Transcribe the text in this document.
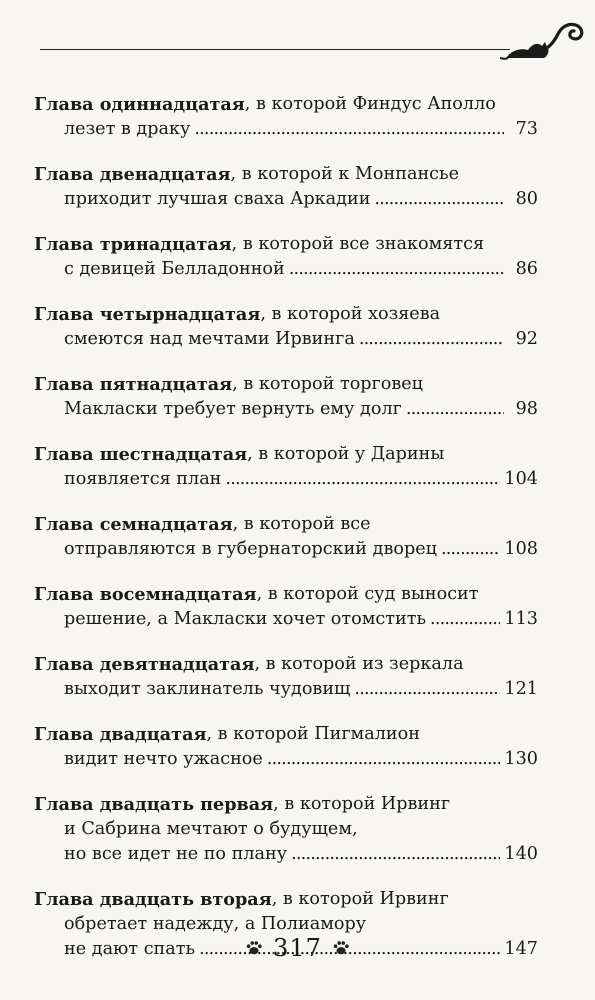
Глава одиннадцатая , в которой Финдус Аполло
лезет в драку . . .	73
Глава двенадцатая , в которой к Монпансье
приходит лучшая сваха Аркадии . . .	80
Глава тринадцатая , в которой все знакомятся
с девицей Белладонной . . .	86
Глава четырнадцатая , в которой хозяева
смеются над мечтами Ирвинга . . .	92
Глава пятнадцатая , в которой торговец
Макласки требует вернуть ему долг . . .	98
Глава шестнадцатая , в которой у Дарины
появляется план . . .	104
Глава семнадцатая , в которой все
отправляются в губернаторский дворец . . .	108
Глава восемнадцатая , в которой суд выносит
решение, а Макласки хочет отомстить . . .	113
Глава девятнадцатая , в которой из зеркала
выходит заклинатель чудовищ . . .	121
Глава двадцатая , в которой Пигмалион
видит нечто ужасное . . .	130
Глава двадцать первая , в которой Ирвинг
и Сабрина мечтают о будущем,
но все идет не по плану . . .	140
Глава двадцать вторая , в которой Ирвинг
обретает надежду, а Полиамору
не дают спать . . .	147
317
